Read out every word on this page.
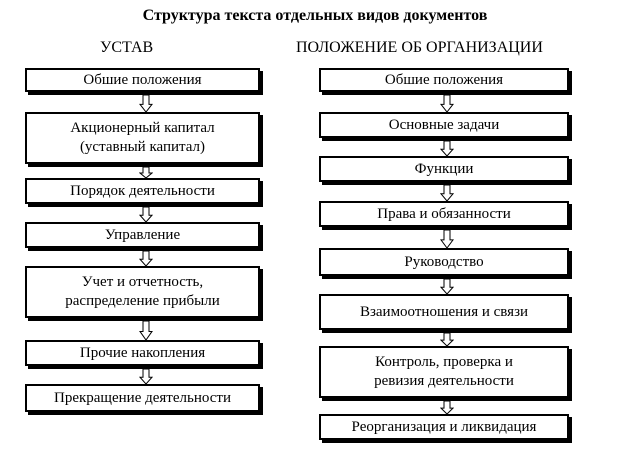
Структура текста отдельных видов документов
УСТАВ	ПОЛОЖЕНИЕ ОБ ОРГАНИЗАЦИИ
Обшие положения
Акционерный капитал
(уставный капитал)
Порядок деятельности
Управление
Учет и отчетность,
распределение прибыли
Прочие накопления
Прекращение деятельности
Обшие положения
Основные задачи
Функции
Права и обязанности
Руководство
Взаимоотношения и связи
Контроль, проверка и
ревизия деятельности
Реорганизация и ликвидация
